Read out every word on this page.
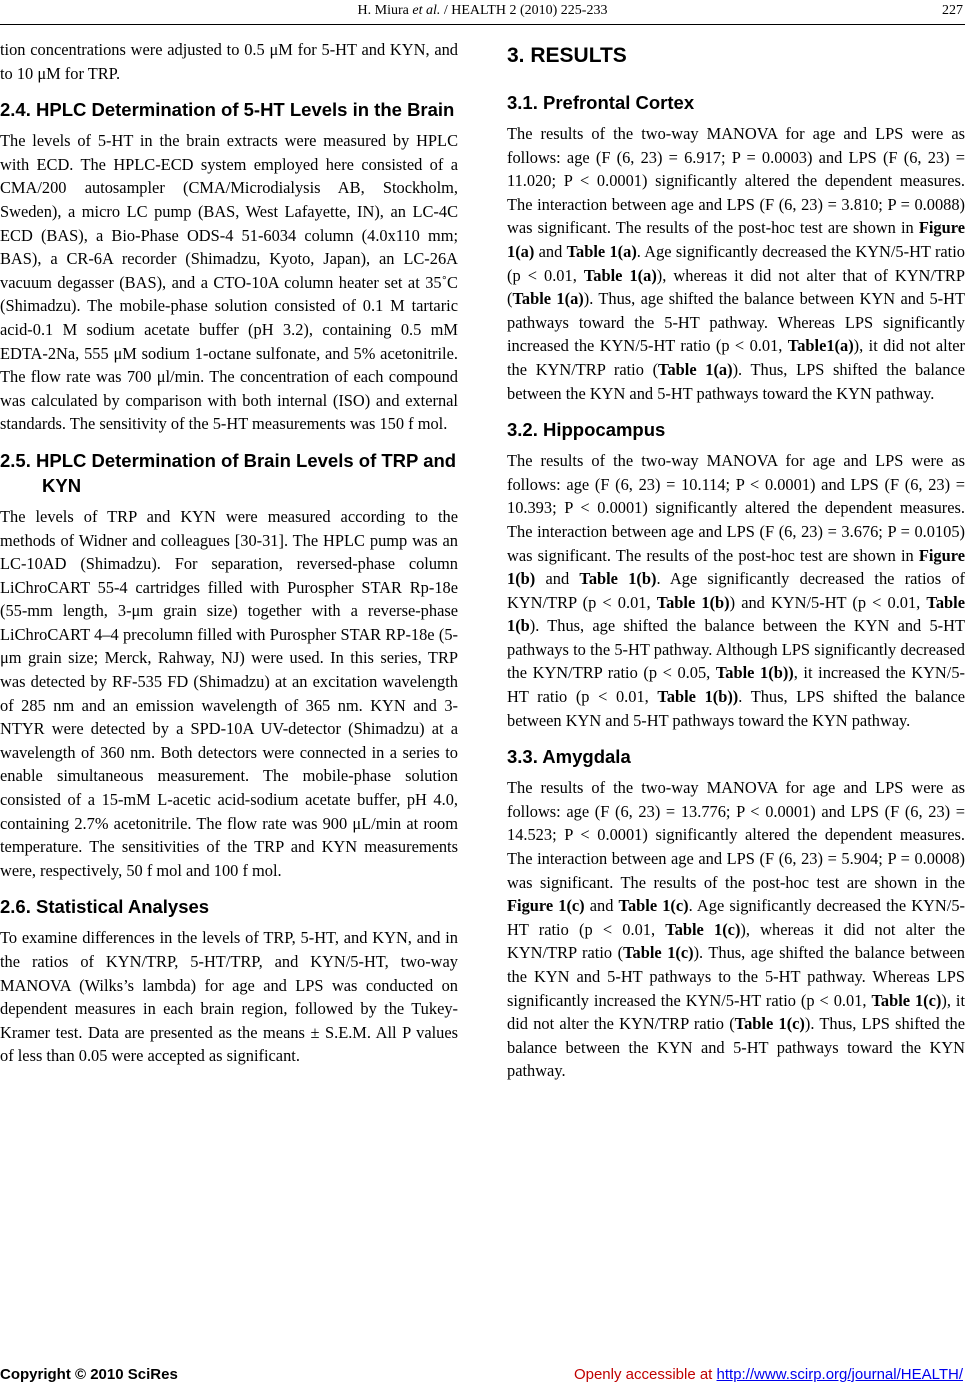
H. Miura et al. / HEALTH 2 (2010) 225-233	227

tion concentrations were adjusted to 0.5 μM for 5-HT and KYN, and to 10 μM for TRP.

2.4. HPLC Determination of 5-HT Levels in the Brain

The levels of 5-HT in the brain extracts were measured by HPLC with ECD. The HPLC-ECD system employed here consisted of a CMA/200 autosampler (CMA/Microdialysis AB, Stockholm, Sweden), a micro LC pump (BAS, West Lafayette, IN), an LC-4C ECD (BAS), a Bio-Phase ODS-4 51-6034 column (4.0x110 mm; BAS), a CR-6A recorder (Shimadzu, Kyoto, Japan), an LC-26A vacuum degasser (BAS), and a CTO-10A column heater set at 35˚C (Shimadzu). The mobile-phase solution consisted of 0.1 M tartaric acid-0.1 M sodium acetate buffer (pH 3.2), containing 0.5 mM EDTA-2Na, 555 μM sodium 1-octane sulfonate, and 5% acetonitrile. The flow rate was 700 μl/min. The concentration of each compound was calculated by comparison with both internal (ISO) and external standards. The sensitivity of the 5-HT measurements was 150 f mol.

2.5. HPLC Determination of Brain Levels of TRP and KYN

The levels of TRP and KYN were measured according to the methods of Widner and colleagues [30-31]. The HPLC pump was an LC-10AD (Shimadzu). For separation, reversed-phase column LiChroCART 55-4 cartridges filled with Purospher STAR Rp-18e (55-mm length, 3-μm grain size) together with a reverse-phase LiChroCART 4–4 precolumn filled with Purospher STAR RP-18e (5-μm grain size; Merck, Rahway, NJ) were used. In this series, TRP was detected by RF-535 FD (Shimadzu) at an excitation wavelength of 285 nm and an emission wavelength of 365 nm. KYN and 3-NTYR were detected by a SPD-10A UV-detector (Shimadzu) at a wavelength of 360 nm. Both detectors were connected in a series to enable simultaneous measurement. The mobile-phase solution consisted of a 15-mM L-acetic acid-sodium acetate buffer, pH 4.0, containing 2.7% acetonitrile. The flow rate was 900 μL/min at room temperature. The sensitivities of the TRP and KYN measurements were, respectively, 50 f mol and 100 f mol.

2.6. Statistical Analyses

To examine differences in the levels of TRP, 5-HT, and KYN, and in the ratios of KYN/TRP, 5-HT/TRP, and KYN/5-HT, two-way MANOVA (Wilks’s lambda) for age and LPS was conducted on dependent measures in each brain region, followed by the Tukey-Kramer test. Data are presented as the means ± S.E.M. All P values of less than 0.05 were accepted as significant.

3. RESULTS
3.1. Prefrontal Cortex

The results of the two-way MANOVA for age and LPS were as follows: age (F (6, 23) = 6.917; P = 0.0003) and LPS (F (6, 23) = 11.020; P < 0.0001) significantly altered the dependent measures. The interaction between age and LPS (F (6, 23) = 3.810; P = 0.0088) was significant. The results of the post-hoc test are shown in Figure 1(a) and Table 1(a). Age significantly decreased the KYN/5-HT ratio (p < 0.01, Table 1(a)), whereas it did not alter that of KYN/TRP (Table 1(a)). Thus, age shifted the balance between KYN and 5-HT pathways toward the 5-HT pathway. Whereas LPS significantly increased the KYN/5-HT ratio (p < 0.01, Table1(a)), it did not alter the KYN/TRP ratio (Table 1(a)). Thus, LPS shifted the balance between the KYN and 5-HT pathways toward the KYN pathway.

3.2. Hippocampus

The results of the two-way MANOVA for age and LPS were as follows: age (F (6, 23) = 10.114; P < 0.0001) and LPS (F (6, 23) = 10.393; P < 0.0001) significantly altered the dependent measures. The interaction between age and LPS (F (6, 23) = 3.676; P = 0.0105) was significant. The results of the post-hoc test are shown in Figure 1(b) and Table 1(b). Age significantly decreased the ratios of KYN/TRP (p < 0.01, Table 1(b)) and KYN/5-HT (p < 0.01, Table 1(b). Thus, age shifted the balance between the KYN and 5-HT pathways to the 5-HT pathway. Although LPS significantly decreased the KYN/TRP ratio (p < 0.05, Table 1(b)), it increased the KYN/5-HT ratio (p < 0.01, Table 1(b)). Thus, LPS shifted the balance between KYN and 5-HT pathways toward the KYN pathway.

3.3. Amygdala

The results of the two-way MANOVA for age and LPS were as follows: age (F (6, 23) = 13.776; P < 0.0001) and LPS (F (6, 23) = 14.523; P < 0.0001) significantly altered the dependent measures. The interaction between age and LPS (F (6, 23) = 5.904; P = 0.0008) was significant. The results of the post-hoc test are shown in the Figure 1(c) and Table 1(c). Age significantly decreased the KYN/5-HT ratio (p < 0.01, Table 1(c)), whereas it did not alter the KYN/TRP ratio (Table 1(c)). Thus, age shifted the balance between the KYN and 5-HT pathways to the 5-HT pathway. Whereas LPS significantly increased the KYN/5-HT ratio (p < 0.01, Table 1(c)), it did not alter the KYN/TRP ratio (Table 1(c)). Thus, LPS shifted the balance between the KYN and 5-HT pathways toward the KYN pathway.

Copyright © 2010 SciRes	Openly accessible at http://www.scirp.org/journal/HEALTH/
